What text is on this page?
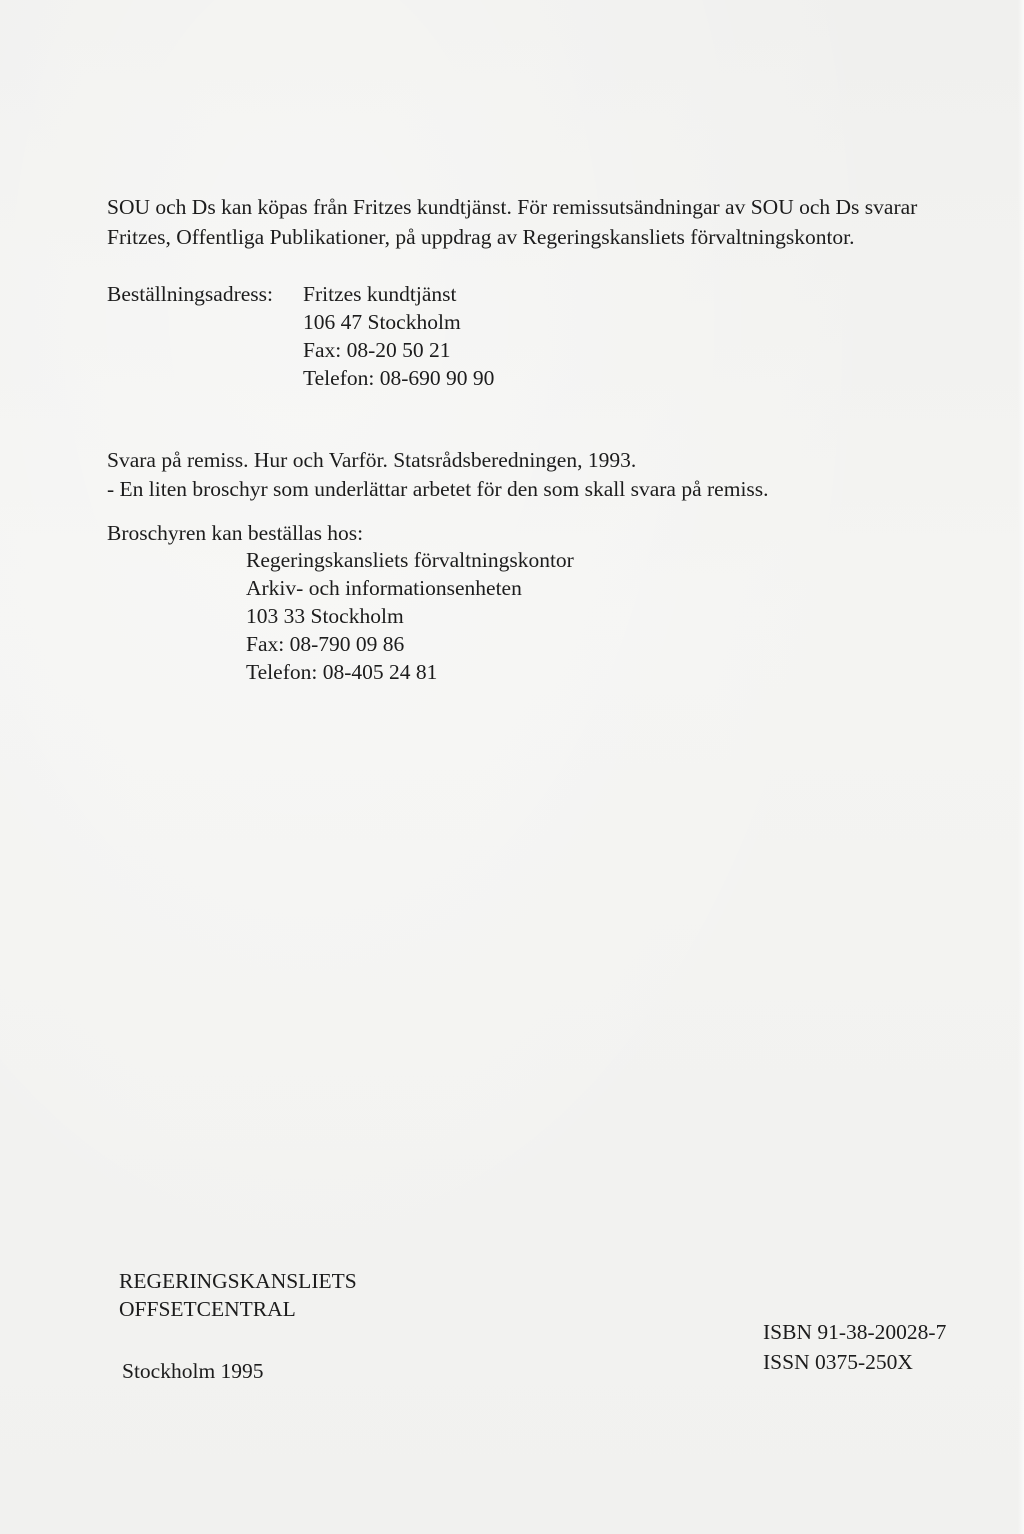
SOU och Ds kan köpas från Fritzes kundtjänst. För remissutsändningar av SOU och Ds svarar

Fritzes, Offentliga Publikationer, på uppdrag av Regeringskansliets förvaltningskontor.

Beställningsadress: Fritzes kundtjänst
106 47 Stockholm
Fax: 08-20 50 21
Telefon: 08-690 90 90

Svara på remiss. Hur och Varför. Statsrådsberedningen, 1993.

- En liten broschyr som underlättar arbetet för den som skall svara på remiss.

Broschyren kan beställas hos:

Regeringskansliets förvaltningskontor
Arkiv- och informationsenheten
103 33 Stockholm
Fax: 08-790 09 86
Telefon: 08-405 24 81

REGERINGSKANSLIETS

OFFSETCENTRAL

Stockholm 1995

ISBN 91-38-20028-7

ISSN 0375-250X
